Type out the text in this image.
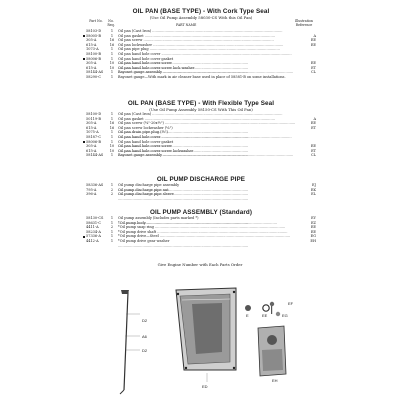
OIL PAN (BASE TYPE) - With Cork Type Seal
(Use Oil Pump Assembly 58030-CS With this Oil Pan)
Part No.	No. Req.	PART NAME
Illustration Reference
58103-D	1	Oil pan (Cast Iron) .....
58005-B	1	Oil pan gasket .....	A
305-A	16	Oil pan screw .....	EE
615-A	16	Oil pan lockwasher .....	EE
1073-A	1	Oil pan pipe plug .....
58100-B	1	Oil pan hand hole cover .....
58006-B	1	Oil pan hand hole cover gasket .....
305-A	10	Oil pan hand hole cover screw .....	EE
615-A	10	Oil pan hand hole cover screw lock washer .....	ET
58144-AS	1	Bayonet gauge assembly .....	CL
58290-C	1	Bayonet gauge—With mark in air cleaner base used in place of 58581-B on some installations.
OIL PAN (BASE TYPE) - With Flexible Type Seal
(Use Oil Pump Assembly 58150-CS With This Oil Pan)
58100-D	1	Oil pan (Cast Iron) .....
50119-B	1	Oil pan gasket .....	A
305-A	16	Oil pan screw (¼"-20x½") .....	EE
615-A	16	Oil pan screw lockwasher (¼") .....	ET
1075-A	1	Oil pan drain pipe plug (½") .....
58187-C	1	Oil pan hand hole cover .....
58006-B	1	Oil pan hand hole cover gasket .....
305-A	10	Oil pan hand hole cover screw .....	EE
615-A	10	Oil pan hand hole cover screw lockwasher .....	ET
58144-AS	1	Bayonet gauge assembly .....	CL
OIL PUMP DISCHARGE PIPE
58336-AS	1	Oil pump discharge pipe assembly .....	EJ
795-A	2	Oil pump discharge pipe nut .....	EK
396-A	2	Oil pump discharge pipe sleeve .....	EL
OIL PUMP ASSEMBLY (Standard)
58130-CS	1	Oil pump assembly (Includes parts marked *) .....	EY
58631-C	1	*Oil pump body .....	EZ
4411-A	2	*Oil pump snap ring .....	EE
58234-A	1	*Oil pump drive shaft .....	EE
57336-A	1	*Oil pump drive—Steel .....	EG
4412-A	1	*Oil pump drive gear washer .....	EH
Give Engine Number with Each Parts Order
D2
A6
D2
E	EE
EF
EG
ED
EH
